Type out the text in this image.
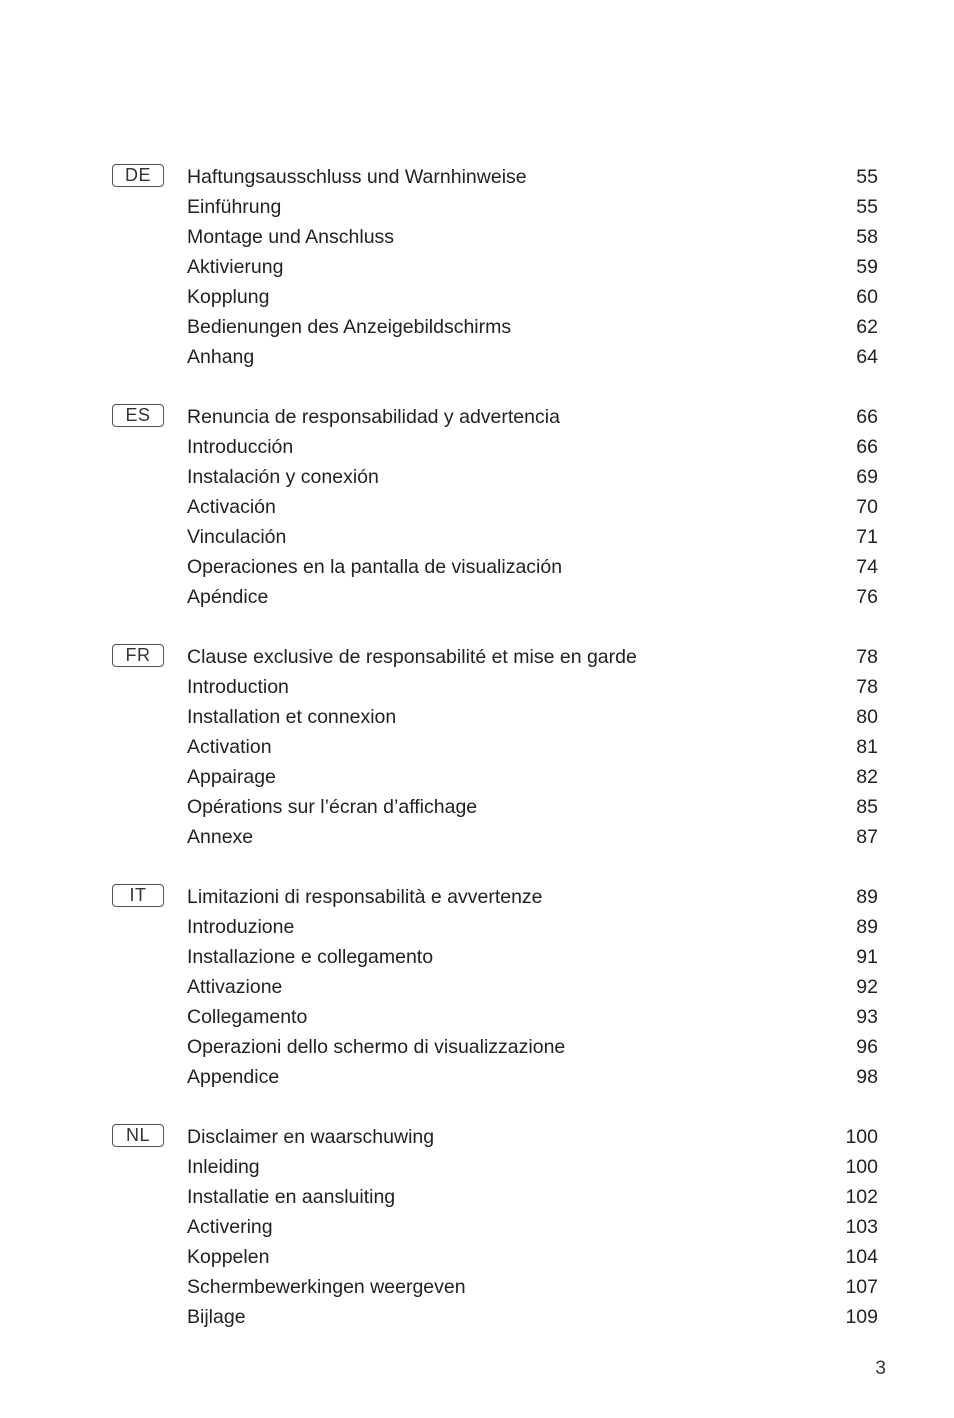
DE	Haftungsausschluss und Warnhinweise	55
Einführung	55
Montage und Anschluss	58
Aktivierung	59
Kopplung	60
Bedienungen des Anzeigebildschirms	62
Anhang	64
ES	Renuncia de responsabilidad y advertencia	66
Introducción	66
Instalación y conexión	69
Activación	70
Vinculación	71
Operaciones en la pantalla de visualización	74
Apéndice	76
FR	Clause exclusive de responsabilité et mise en garde	78
Introduction	78
Installation et connexion	80
Activation	81
Appairage	82
Opérations sur l’écran d’affichage	85
Annexe	87
IT	Limitazioni di responsabilità e avvertenze	89
Introduzione	89
Installazione e collegamento	91
Attivazione	92
Collegamento	93
Operazioni dello schermo di visualizzazione	96
Appendice	98
NL	Disclaimer en waarschuwing	100
Inleiding	100
Installatie en aansluiting	102
Activering	103
Koppelen	104
Schermbewerkingen weergeven	107
Bijlage	109
3
